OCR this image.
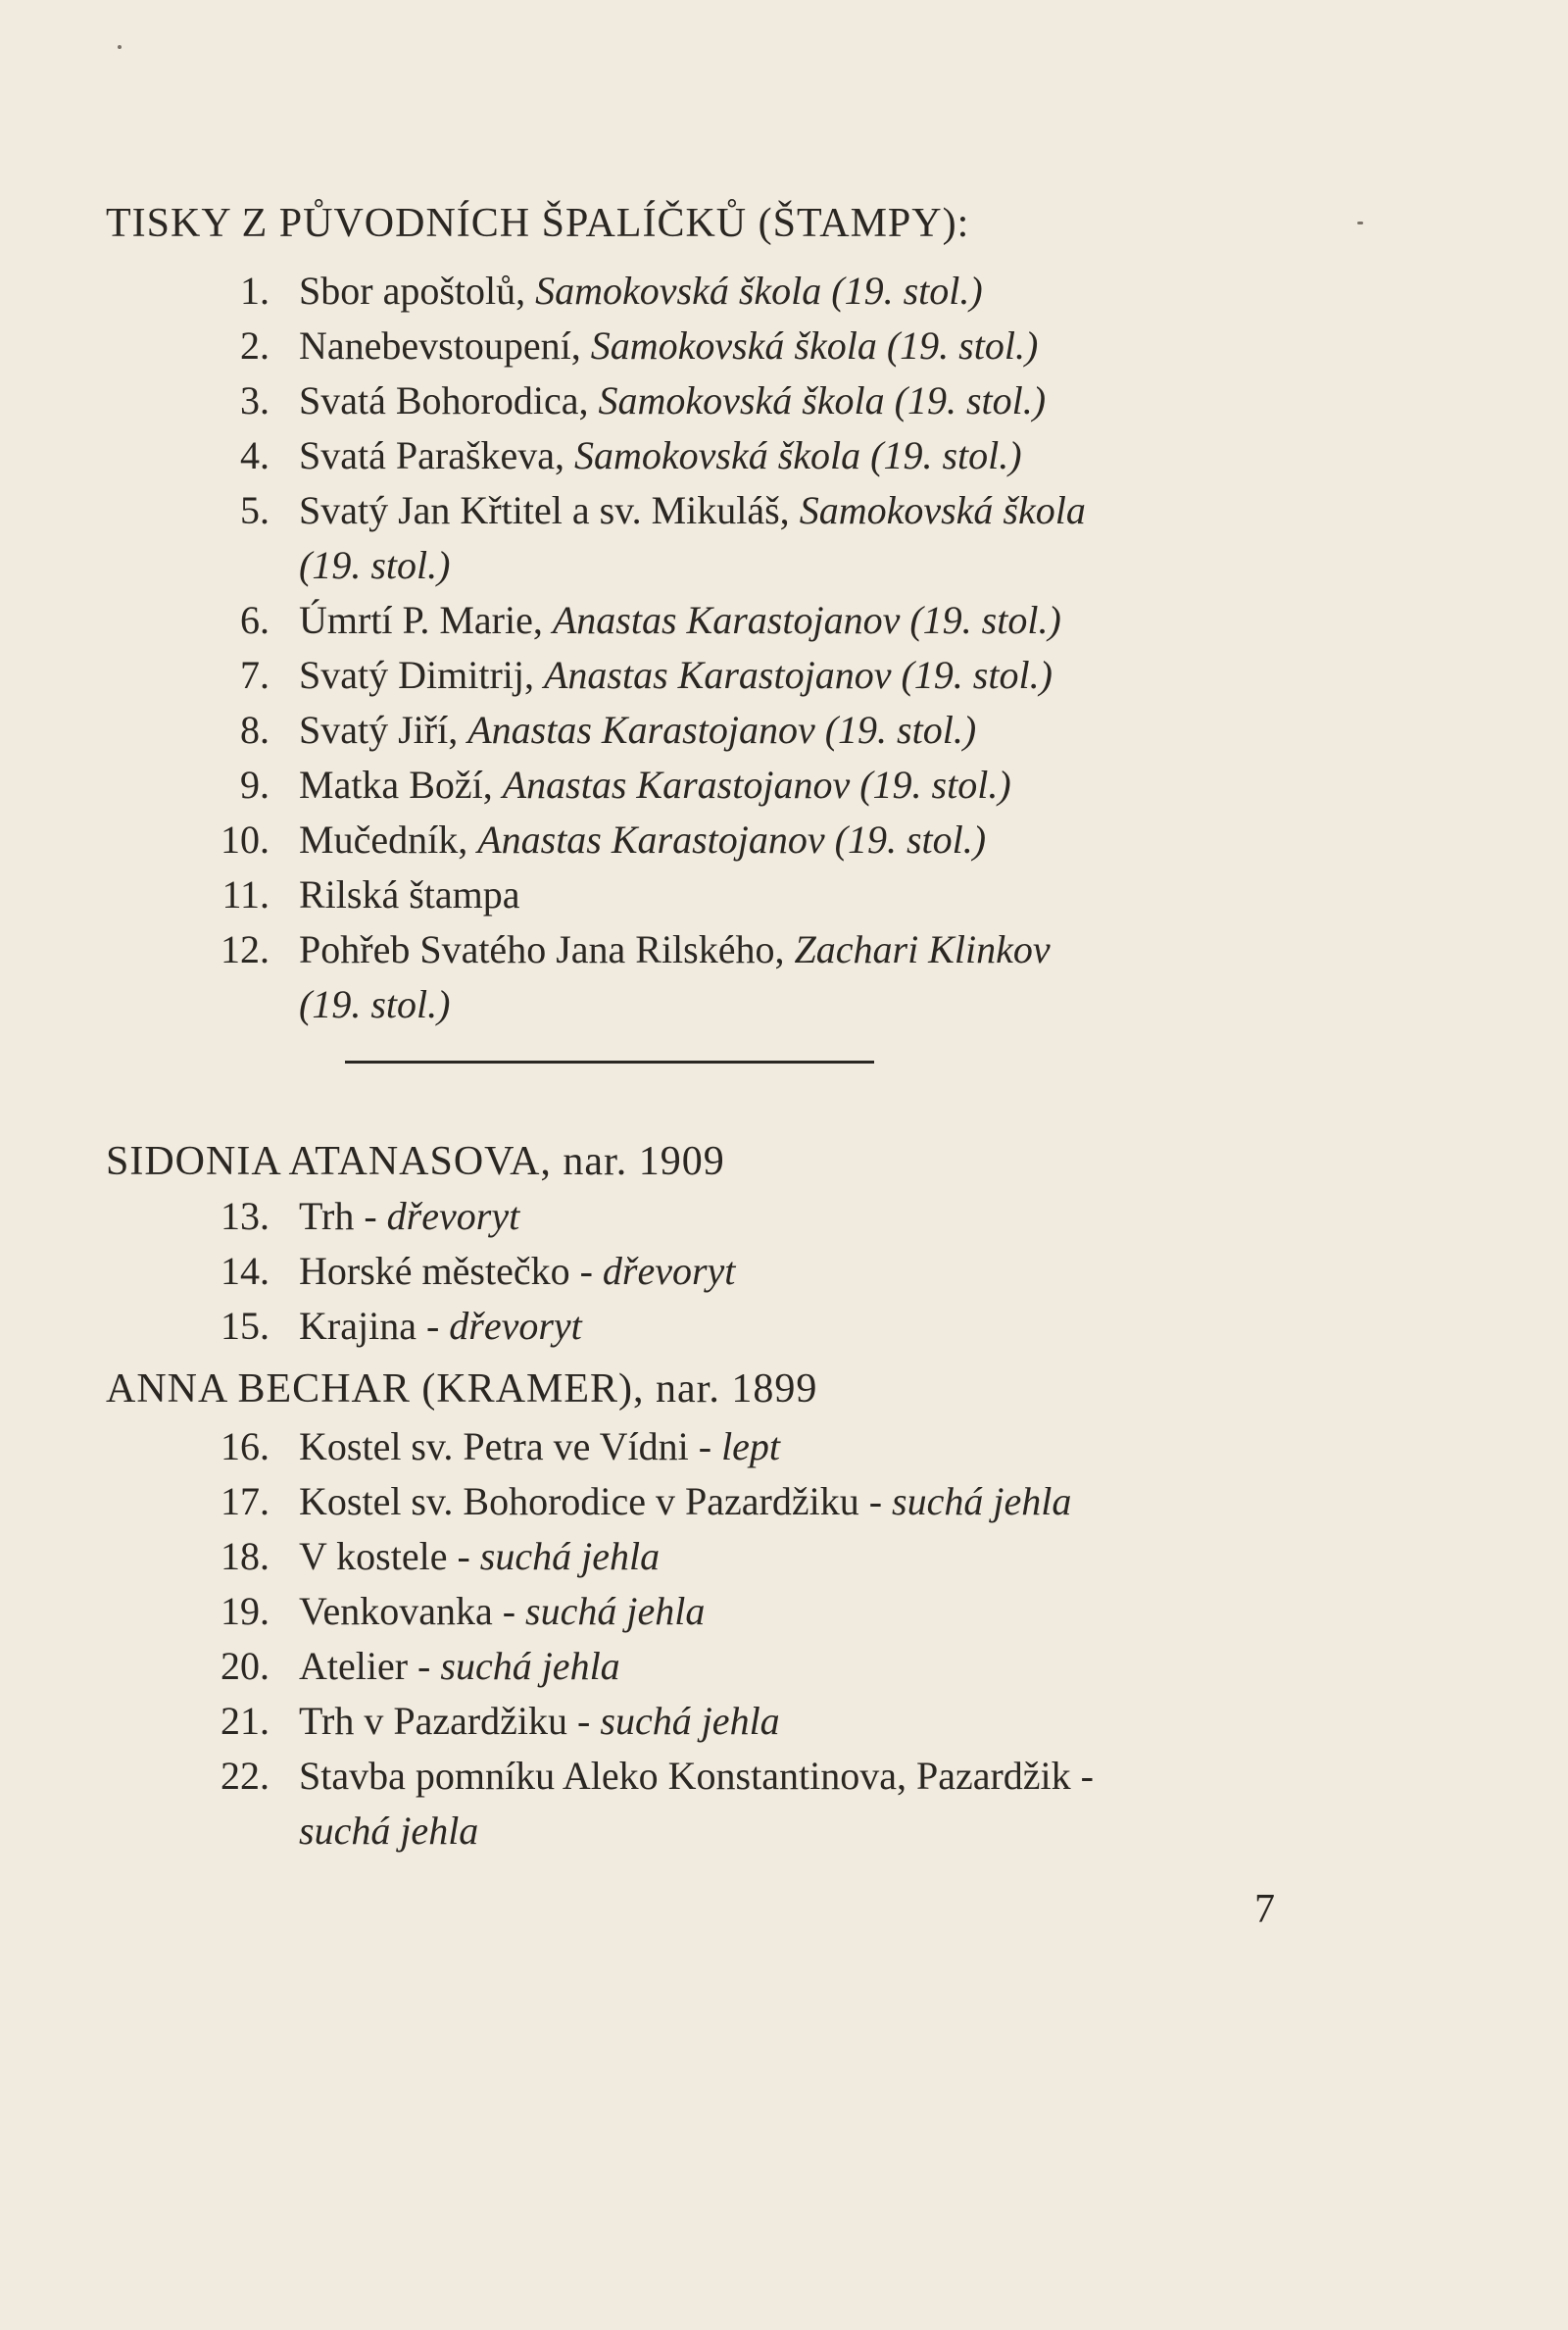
TISKY Z PŮVODNÍCH ŠPALÍČKŮ (ŠTAMPY):
1. Sbor apoštolů, Samokovská škola (19. stol.)
2. Nanebevstoupení, Samokovská škola (19. stol.)
3. Svatá Bohorodica, Samokovská škola (19. stol.)
4. Svatá Paraškeva, Samokovská škola (19. stol.)
5. Svatý Jan Křtitel a sv. Mikuláš, Samokovská škola
(19. stol.)
6. Úmrtí P. Marie, Anastas Karastojanov (19. stol.)
7. Svatý Dimitrij, Anastas Karastojanov (19. stol.)
8. Svatý Jiří, Anastas Karastojanov (19. stol.)
9. Matka Boží, Anastas Karastojanov (19. stol.)
10. Mučedník, Anastas Karastojanov (19. stol.)
11. Rilská štampa
12. Pohřeb Svatého Jana Rilského, Zachari Klinkov
(19. stol.)
SIDONIA ATANASOVA, nar. 1909
13. Trh - dřevoryt
14. Horské městečko - dřevoryt
15. Krajina - dřevoryt
ANNA BECHAR (KRAMER), nar. 1899
16. Kostel sv. Petra ve Vídni - lept
17. Kostel sv. Bohorodice v Pazardžiku - suchá jehla
18. V kostele - suchá jehla
19. Venkovanka - suchá jehla
20. Atelier - suchá jehla
21. Trh v Pazardžiku - suchá jehla
22. Stavba pomníku Aleko Konstantinova, Pazardžik -
suchá jehla
7
